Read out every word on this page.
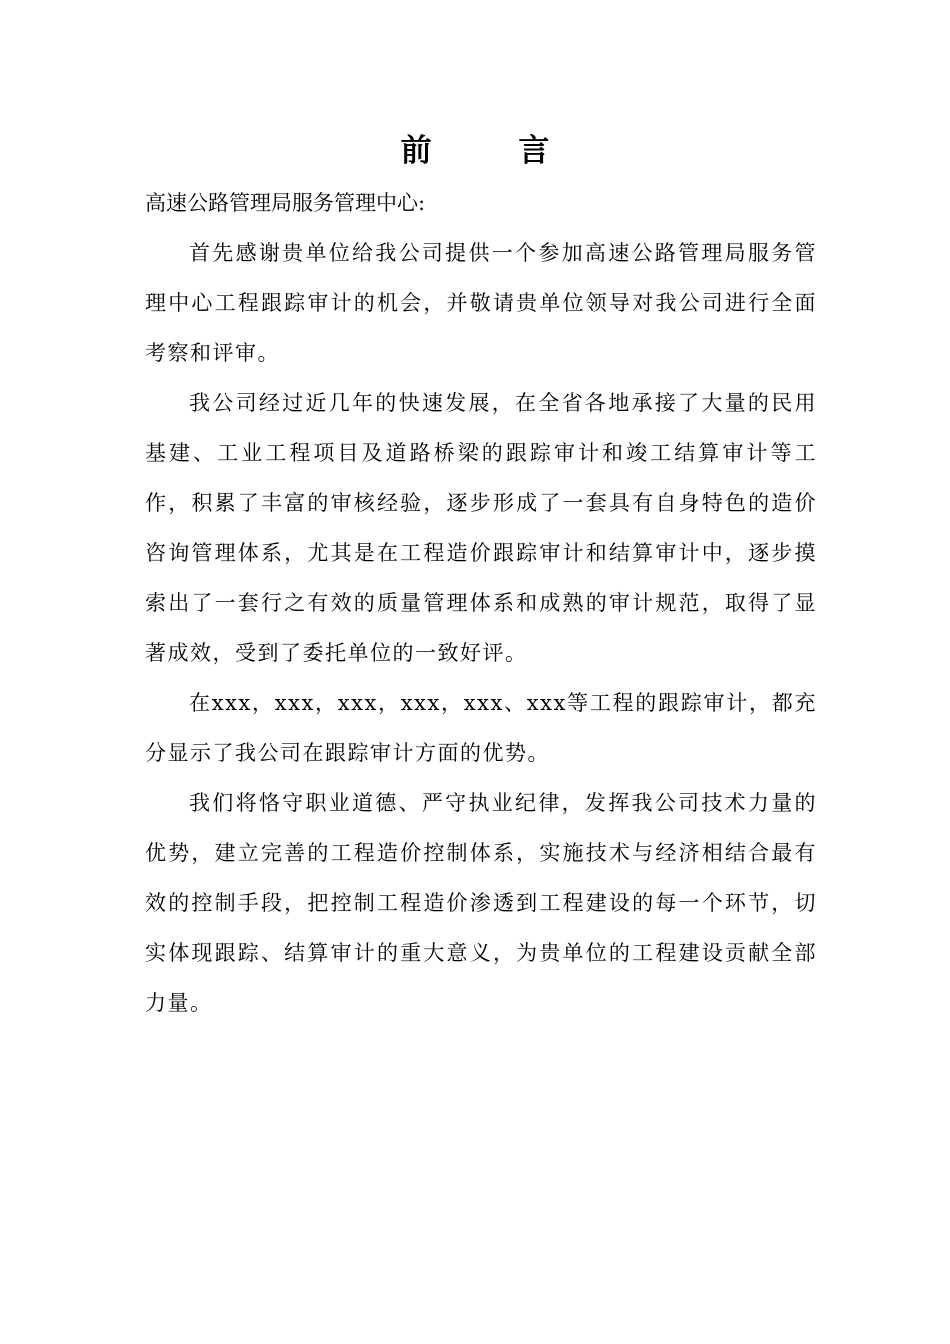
前 言

高速公路管理局服务管理中心:

首先感谢贵单位给我公司提供一个参加高速公路管理局服务管理中心工程跟踪审计的机会，并敬请贵单位领导对我公司进行全面考察和评审。

我公司经过近几年的快速发展，在全省各地承接了大量的民用基建、工业工程项目及道路桥梁的跟踪审计和竣工结算审计等工作，积累了丰富的审核经验，逐步形成了一套具有自身特色的造价咨询管理体系，尤其是在工程造价跟踪审计和结算审计中，逐步摸索出了一套行之有效的质量管理体系和成熟的审计规范，取得了显著成效，受到了委托单位的一致好评。

在xxx，xxx，xxx，xxx，xxx、xxx等工程的跟踪审计，都充分显示了我公司在跟踪审计方面的优势。

我们将恪守职业道德、严守执业纪律，发挥我公司技术力量的优势，建立完善的工程造价控制体系，实施技术与经济相结合最有效的控制手段，把控制工程造价渗透到工程建设的每一个环节，切实体现跟踪、结算审计的重大意义，为贵单位的工程建设贡献全部力量。
